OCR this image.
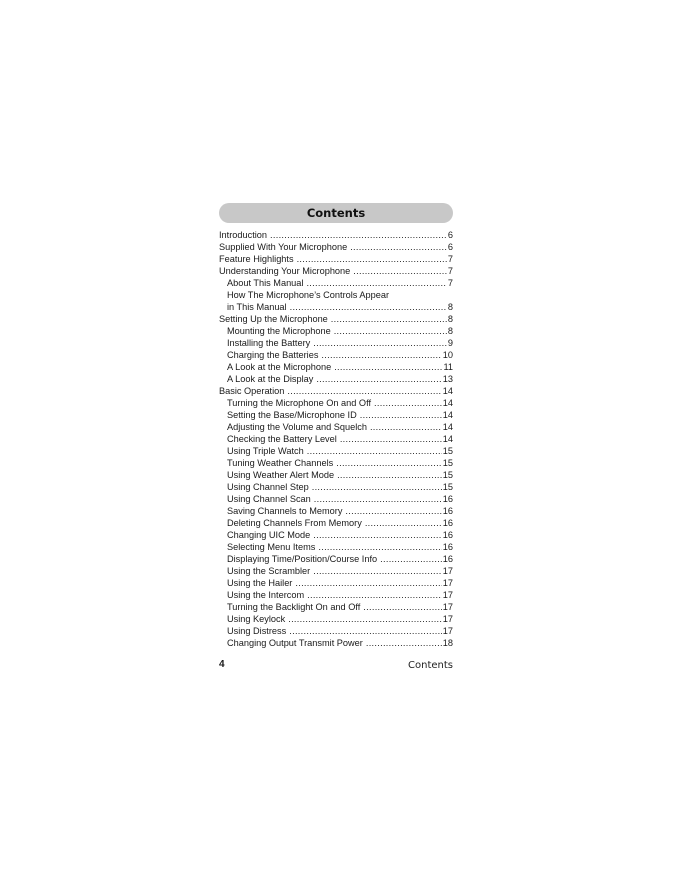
Contents
Introduction .....	6
Supplied With Your Microphone .....	6
Feature Highlights .....	7
Understanding Your Microphone .....	7
About This Manual .....	7
How The Microphone’s Controls Appear
in This Manual .....	8
Setting Up the Microphone .....	8
Mounting the Microphone .....	8
Installing the Battery .....	9
Charging the Batteries .....	10
A Look at the Microphone .....	11
A Look at the Display .....	13
Basic Operation .....	14
Turning the Microphone On and Off .....	14
Setting the Base/Microphone ID .....	14
Adjusting the Volume and Squelch .....	14
Checking the Battery Level .....	14
Using Triple Watch .....	15
Tuning Weather Channels .....	15
Using Weather Alert Mode .....	15
Using Channel Step .....	15
Using Channel Scan .....	16
Saving Channels to Memory .....	16
Deleting Channels From Memory .....	16
Changing UIC Mode .....	16
Selecting Menu Items .....	16
Displaying Time/Position/Course Info .....	16
Using the Scrambler .....	17
Using the Hailer .....	17
Using the Intercom .....	17
Turning the Backlight On and Off .....	17
Using Keylock .....	17
Using Distress .....	17
Changing Output Transmit Power .....	18
4	Contents
